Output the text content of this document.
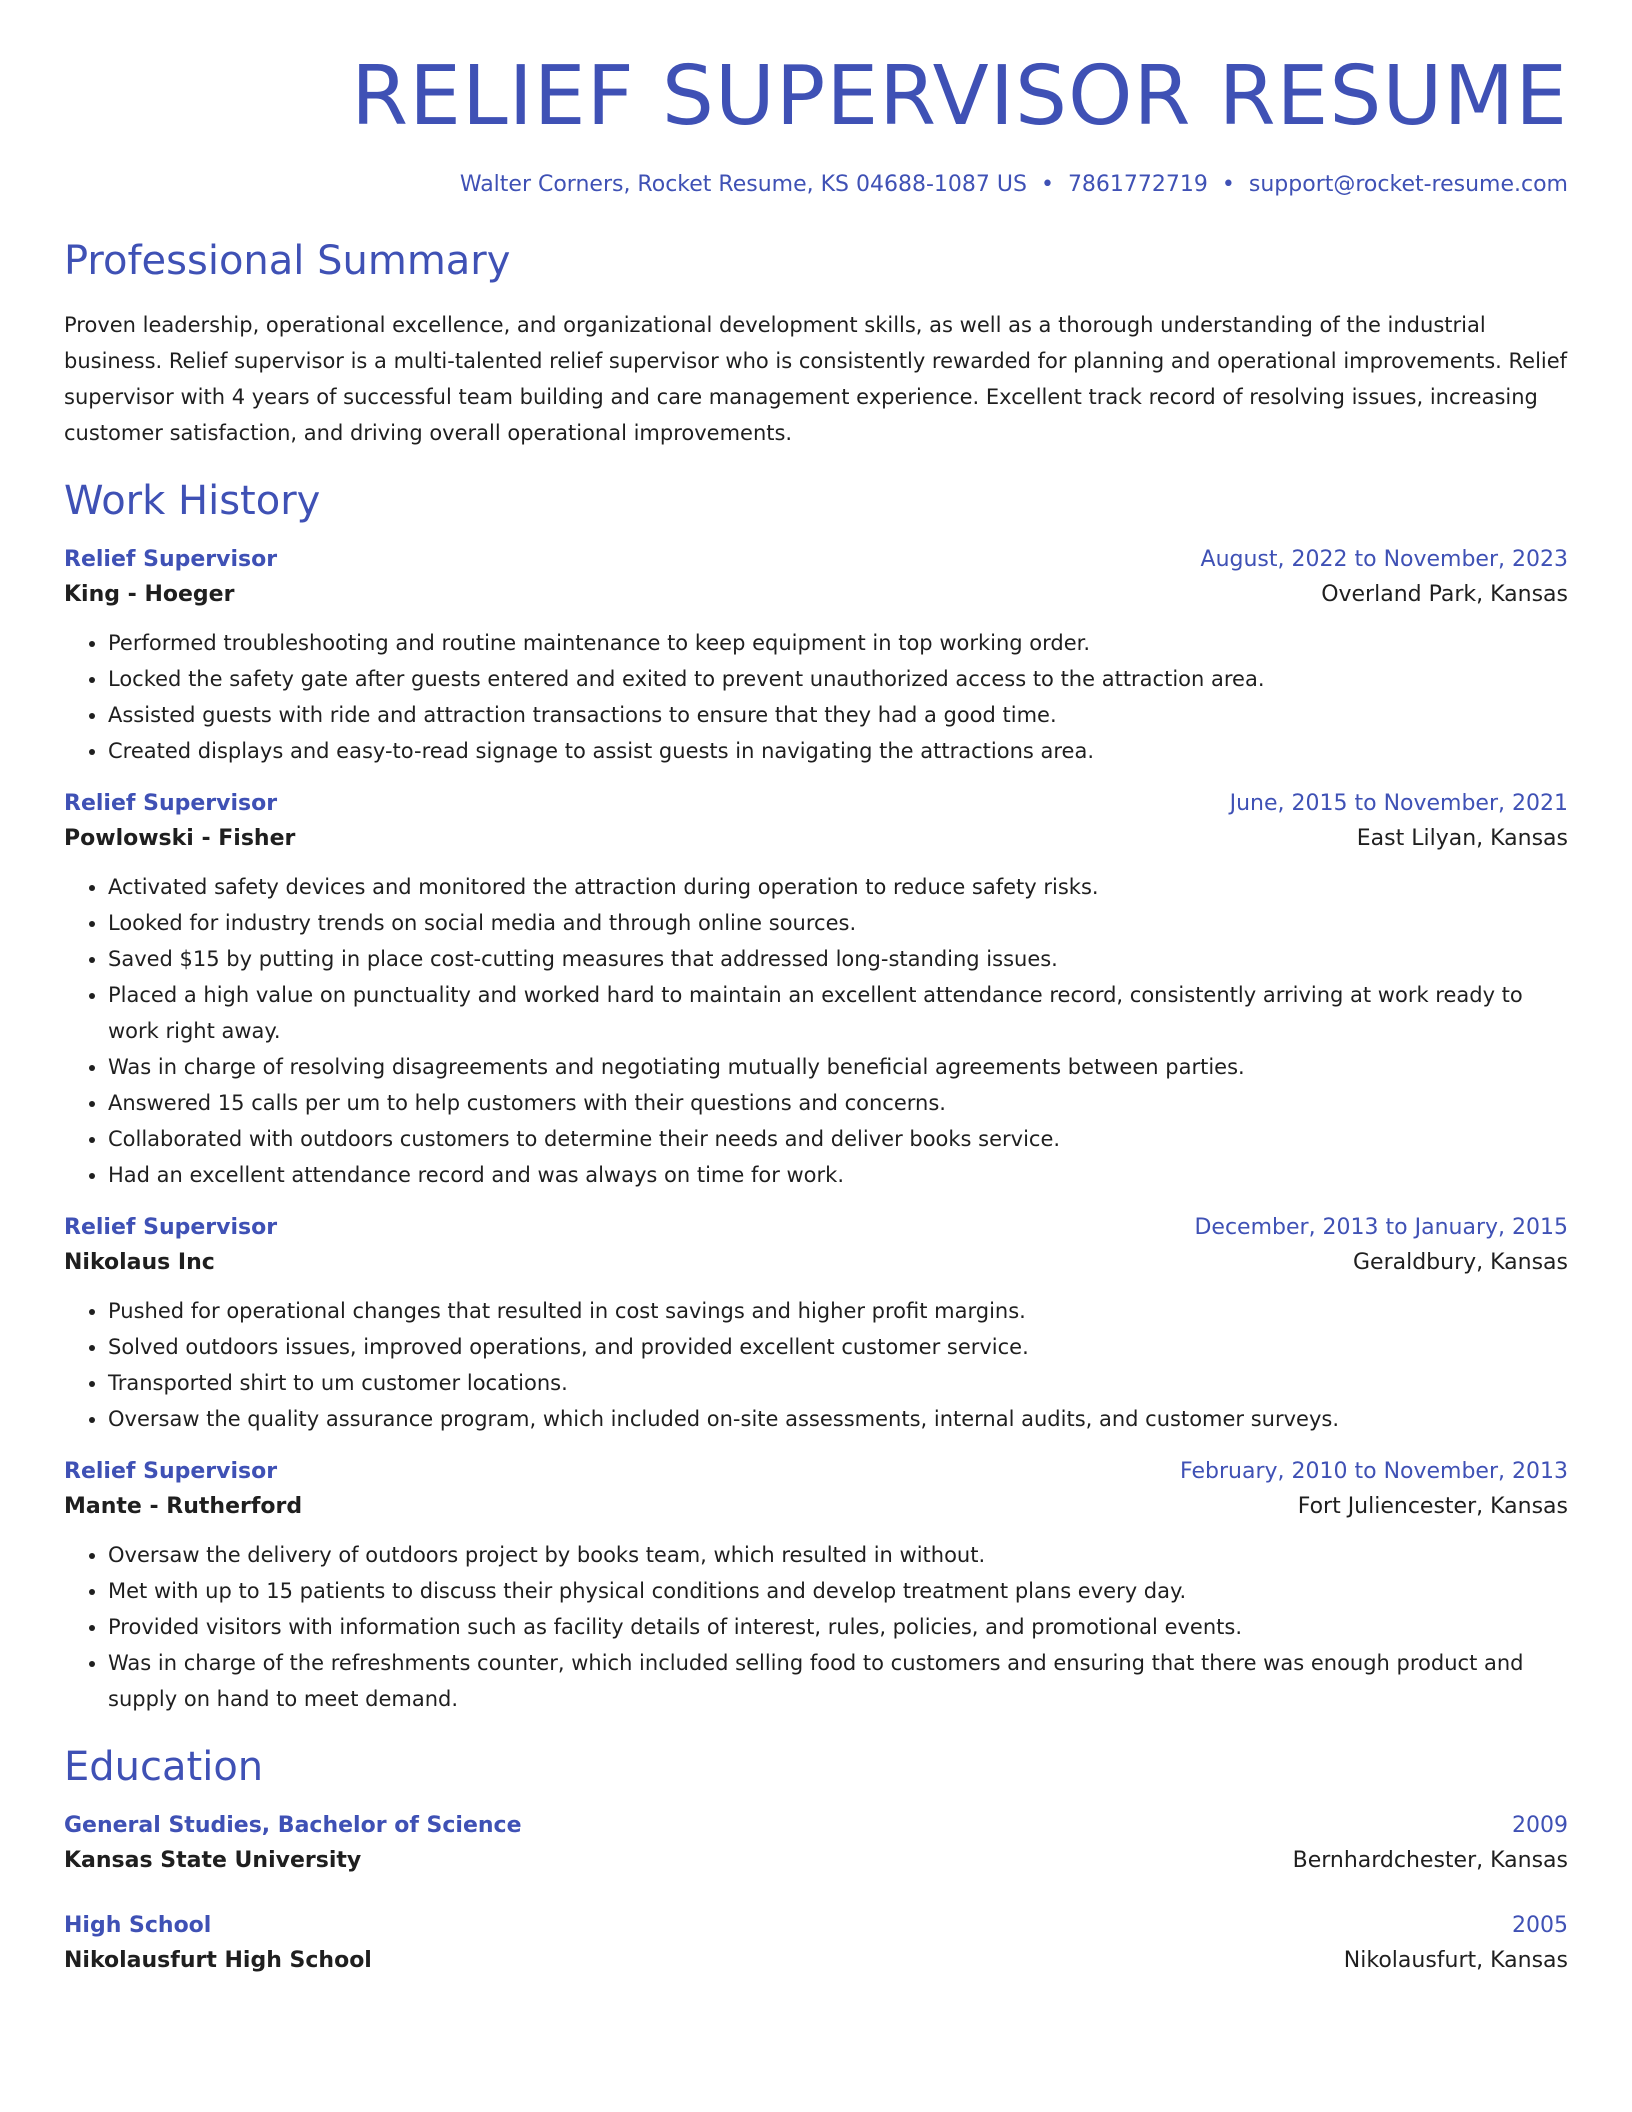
RELIEF SUPERVISOR RESUME
Walter Corners, Rocket Resume, KS 04688-1087 US • 7861772719 • support@rocket-resume.com
Professional Summary

Proven leadership, operational excellence, and organizational development skills, as well as a thorough understanding of the industrial business. Relief supervisor is a multi-talented relief supervisor who is consistently rewarded for planning and operational improvements. Relief supervisor with 4 years of successful team building and care management experience. Excellent track record of resolving issues, increasing customer satisfaction, and driving overall operational improvements.

Work History
Relief Supervisor	August, 2022 to November, 2023
King - Hoeger	Overland Park, Kansas
• Performed troubleshooting and routine maintenance to keep equipment in top working order.
• Locked the safety gate after guests entered and exited to prevent unauthorized access to the attraction area.
• Assisted guests with ride and attraction transactions to ensure that they had a good time.
• Created displays and easy-to-read signage to assist guests in navigating the attractions area.
Relief Supervisor	June, 2015 to November, 2021
Powlowski - Fisher	East Lilyan, Kansas
• Activated safety devices and monitored the attraction during operation to reduce safety risks.
• Looked for industry trends on social media and through online sources.
• Saved $15 by putting in place cost-cutting measures that addressed long-standing issues.
• Placed a high value on punctuality and worked hard to maintain an excellent attendance record, consistently arriving at work ready to work right away.
• Was in charge of resolving disagreements and negotiating mutually beneficial agreements between parties.
• Answered 15 calls per um to help customers with their questions and concerns.
• Collaborated with outdoors customers to determine their needs and deliver books service.
• Had an excellent attendance record and was always on time for work.
Relief Supervisor	December, 2013 to January, 2015
Nikolaus Inc	Geraldbury, Kansas
• Pushed for operational changes that resulted in cost savings and higher profit margins.
• Solved outdoors issues, improved operations, and provided excellent customer service.
• Transported shirt to um customer locations.
• Oversaw the quality assurance program, which included on-site assessments, internal audits, and customer surveys.
Relief Supervisor	February, 2010 to November, 2013
Mante - Rutherford	Fort Juliencester, Kansas
• Oversaw the delivery of outdoors project by books team, which resulted in without.
• Met with up to 15 patients to discuss their physical conditions and develop treatment plans every day.
• Provided visitors with information such as facility details of interest, rules, policies, and promotional events.
• Was in charge of the refreshments counter, which included selling food to customers and ensuring that there was enough product and supply on hand to meet demand.
Education
General Studies, Bachelor of Science	2009
Kansas State University	Bernhardchester, Kansas
High School	2005
Nikolausfurt High School	Nikolausfurt, Kansas
